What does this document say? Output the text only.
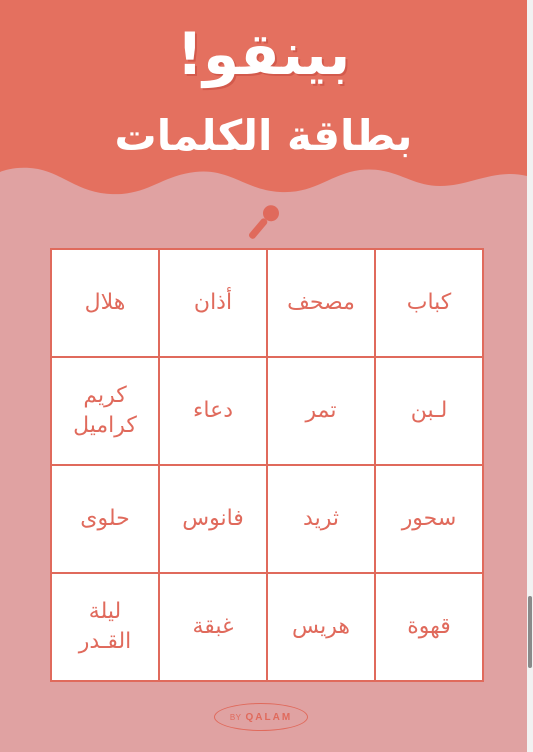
بينقو!
بطاقة الكلمات
كباب
مصحف
أذان
هلال
لـبن
تمر
دعاء
كريم
كراميل
سحور
ثريد
فانوس
حلوى
قهوة
هريس
غبقة
ليلة
القـدر
BY QALAM
